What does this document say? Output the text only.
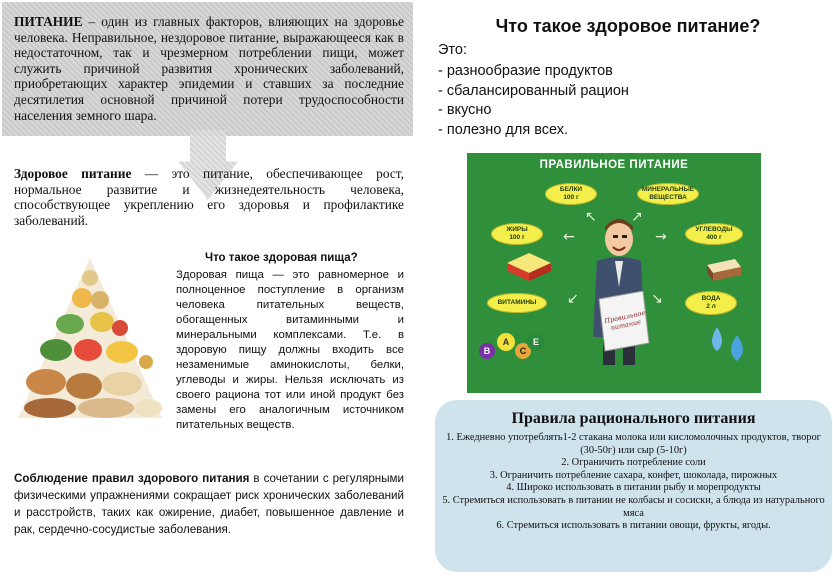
ПИТАНИЕ – один из главных факторов, влияющих на здоровье человека. Неправильное, нездоровое питание, выражающееся как в недостаточном, так и чрезмерном потреблении пищи, может служить причиной развития хронических заболеваний, приобретающих характер эпидемии и ставших за последние десятилетия основной причиной потери трудоспособности населения земного шара.
Здоровое питание — это питание, обеспечивающее рост, нормальное развитие и жизнедеятельность человека, способствующее укреплению его здоровья и профилактике заболеваний.
Что такое здоровая пища?
Здоровая пища — это равномерное и полноценное поступление в организм человека питательных веществ, обогащенных витаминными и минеральными комплексами. Т.е. в здоровую пищу должны входить все незаменимые аминокислоты, белки, углеводы и жиры. Нельзя исключать из своего рациона тот или иной продукт без замены его аналогичным источником питательных веществ.
Соблюдение правил здорового питания в сочетании с регулярными физическими упражнениями сокращает риск хронических заболеваний и расстройств, таких как ожирение, диабет, повышенное давление и рак, сердечно-сосудистые заболевания.
Что такое здоровое питание?
Это:
- разнообразие продуктов
- сбалансированный рацион
- вкусно
- полезно для всех.
ПРАВИЛЬНОЕ ПИТАНИЕ
БЕЛКИ
100 г
МИНЕРАЛЬНЫЕ
ВЕЩЕСТВА
ЖИРЫ
100 г
УГЛЕВОДЫ
400 г
ВИТАМИНЫ
ВОДА
2 л
↖ ↗
←	→
↙	↘
Правильное питание
B
A
C
E
Правила рационального питания
1. Ежедневно употреблять1-2 стакана молока или кисломолочных продуктов, творог (30-50г) или сыр (5-10г)
2. Ограничить потребление соли
3. Ограничить потребление сахара, конфет, шоколада, пирожных
4. Широко использовать в питании рыбу и морепродукты
5. Стремиться использовать в питании не колбасы и сосиски, а блюда из натурального мяса
6. Стремиться использовать в питании овощи, фрукты, ягоды.
